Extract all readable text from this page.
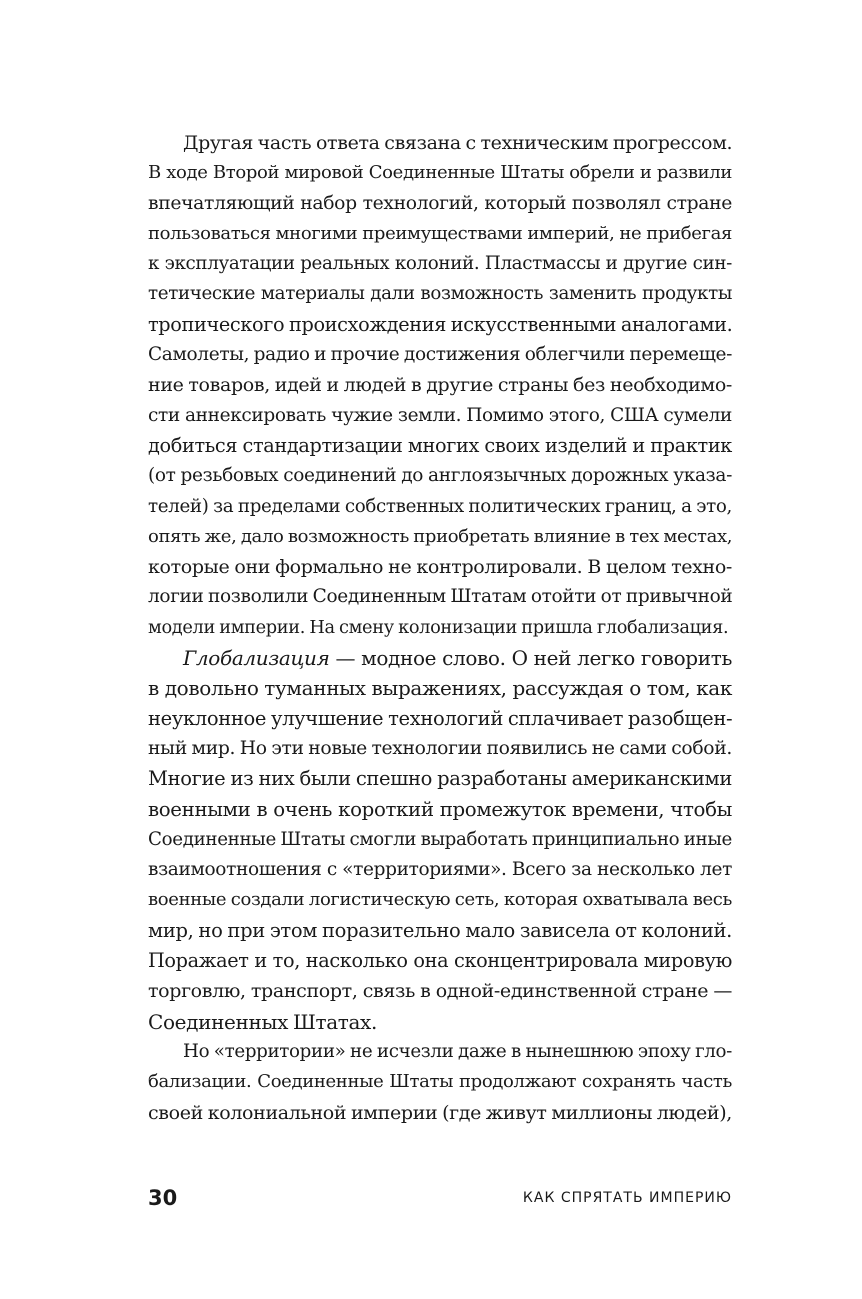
Другая часть ответа связана с техническим прогрессом.
В ходе Второй мировой Соединенные Штаты обрели и развили
впечатляющий набор технологий, который позволял стране
пользоваться многими преимуществами империй, не прибегая
к эксплуатации реальных колоний. Пластмассы и другие син-
тетические материалы дали возможность заменить продукты
тропического происхождения искусственными аналогами.
Самолеты, радио и прочие достижения облегчили перемеще-
ние товаров, идей и людей в другие страны без необходимо-
сти аннексировать чужие земли. Помимо этого, США сумели
добиться стандартизации многих своих изделий и практик
(от резьбовых соединений до англоязычных дорожных указа-
телей) за пределами собственных политических границ, а это,
опять же, дало возможность приобретать влияние в тех местах,
которые они формально не контролировали. В целом техно-
логии позволили Соединенным Штатам отойти от привычной
модели империи. На смену колонизации пришла глобализация.
Глобализация — модное слово. О ней легко говорить
в довольно туманных выражениях, рассуждая о том, как
неуклонное улучшение технологий сплачивает разобщен-
ный мир. Но эти новые технологии появились не сами собой.
Многие из них были спешно разработаны американскими
военными в очень короткий промежуток времени, чтобы
Соединенные Штаты смогли выработать принципиально иные
взаимоотношения с «территориями». Всего за несколько лет
военные создали логистическую сеть, которая охватывала весь
мир, но при этом поразительно мало зависела от колоний.
Поражает и то, насколько она сконцентрировала мировую
торговлю, транспорт, связь в одной-единственной стране —
Соединенных Штатах.
Но «территории» не исчезли даже в нынешнюю эпоху гло-
бализации. Соединенные Штаты продолжают сохранять часть
своей колониальной империи (где живут миллионы людей),
30	КАК СПРЯТАТЬ ИМПЕРИЮ
